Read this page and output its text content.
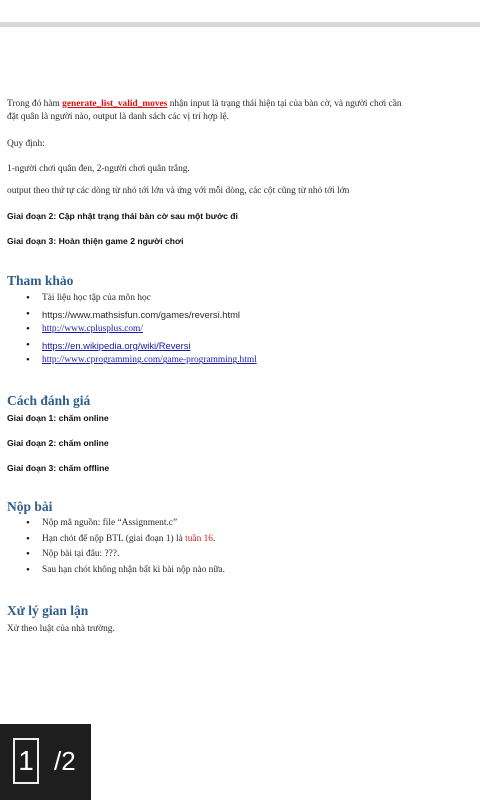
Trong đó hàm generate_list_valid_moves nhận input là trạng thái hiện tại của bàn cờ, và người chơi cần
đặt quân là người nào, output là danh sách các vị trí hợp lệ.
Quy định:
1-người chơi quân đen, 2-người chơi quân trắng.
output theo thứ tự các dòng từ nhỏ tới lớn và ứng với mỗi dòng, các cột cũng từ nhỏ tới lớn
Giai đoạn 2: Cập nhật trạng thái bàn cờ sau một bước đi
Giai đoạn 3: Hoàn thiện game 2 người chơi
Tham khảo
• Tài liệu học tập của môn học
• https://www.mathsisfun.com/games/reversi.html
• http://www.cplusplus.com/
• https://en.wikipedia.org/wiki/Reversi
• http://www.cprogramming.com/game-programming.html
Cách đánh giá
Giai đoạn 1: chấm online
Giai đoạn 2: chấm online
Giai đoạn 3: chấm offline
Nộp bài
• Nộp mã nguồn: file “Assignment.c”
• Hạn chót để nộp BTL (giai đoạn 1) là tuần 16.
• Nộp bài tại đâu: ???.
• Sau hạn chót không nhận bất kì bài nộp nào nữa.
Xử lý gian lận
Xử theo luật của nhà trường.
1 /2
